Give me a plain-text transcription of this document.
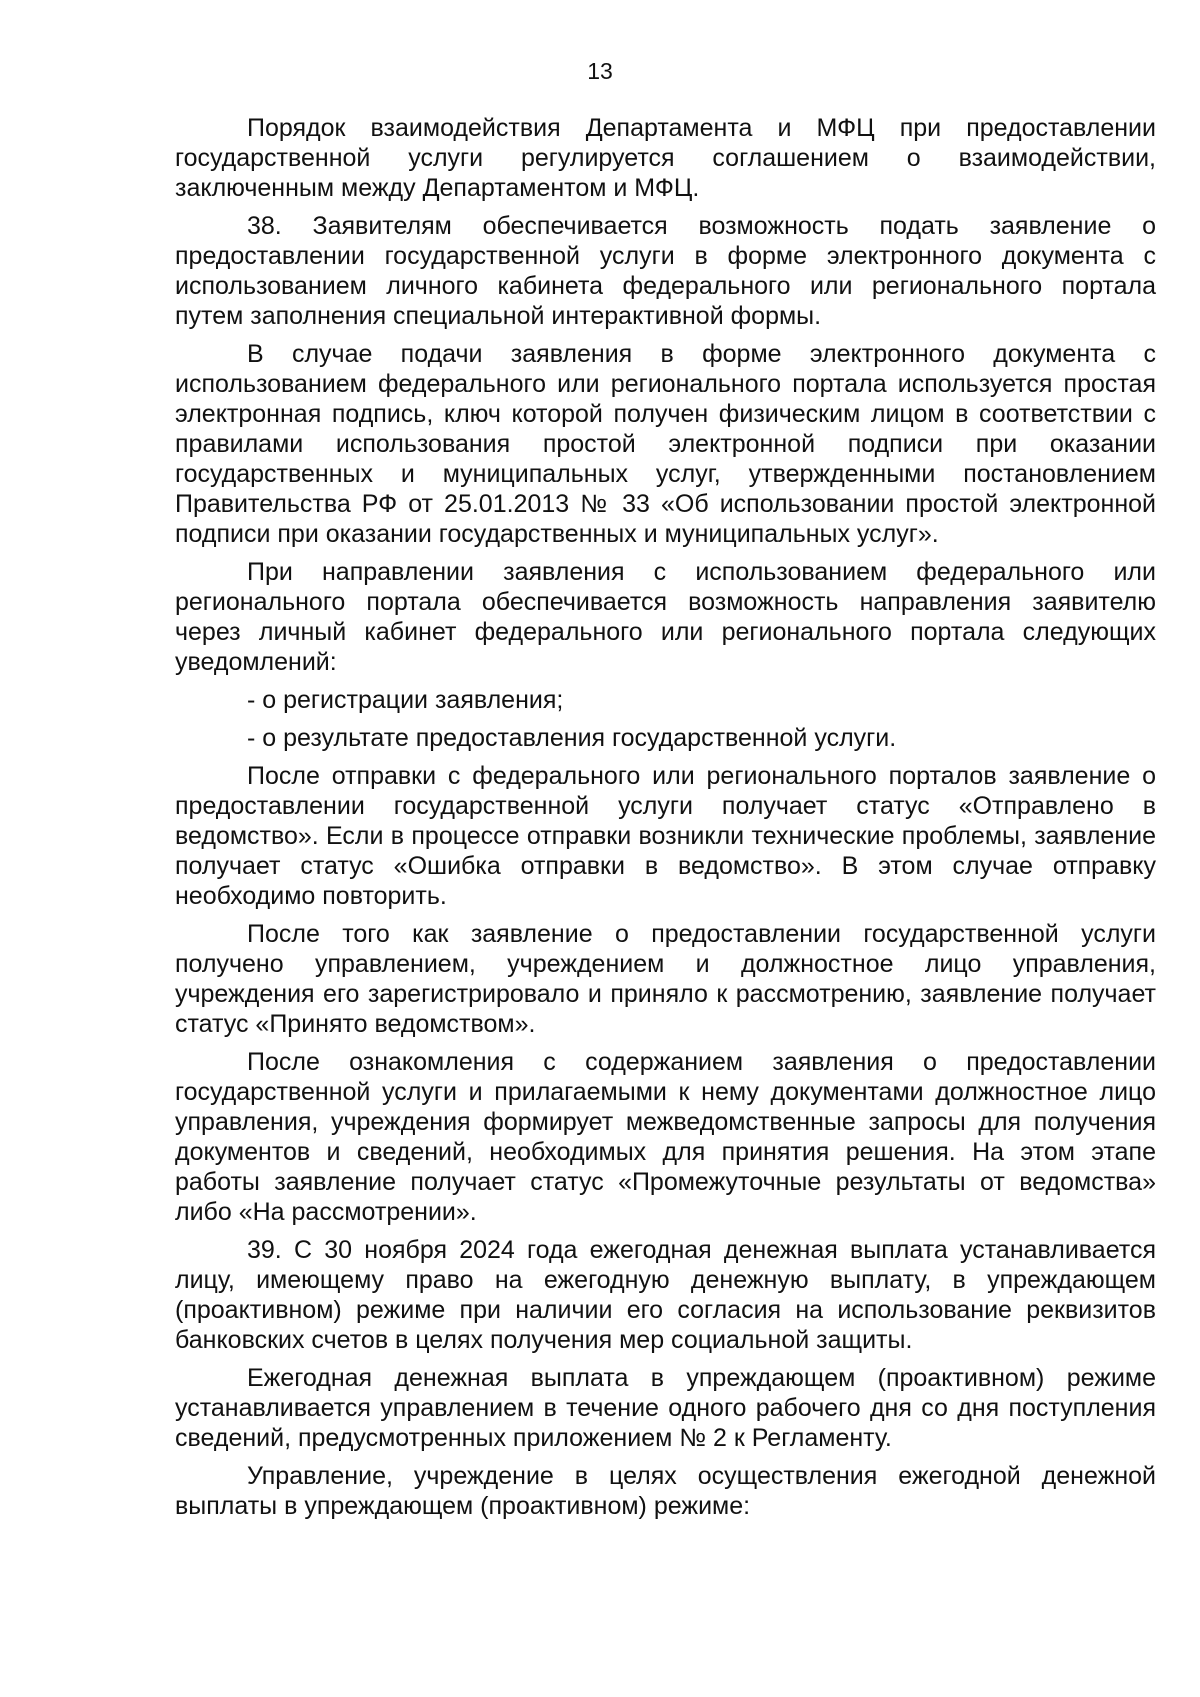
13

Порядок взаимодействия Департамента и МФЦ при предоставлении государственной услуги регулируется соглашением о взаимодействии, заключенным между Департаментом и МФЦ.

38. Заявителям обеспечивается возможность подать заявление о предоставлении государственной услуги в форме электронного документа с использованием личного кабинета федерального или регионального портала путем заполнения специальной интерактивной формы.

В случае подачи заявления в форме электронного документа с использованием федерального или регионального портала используется простая электронная подпись, ключ которой получен физическим лицом в соответствии с правилами использования простой электронной подписи при оказании государственных и муниципальных услуг, утвержденными постановлением Правительства РФ от 25.01.2013 № 33 «Об использовании простой электронной подписи при оказании государственных и муниципальных услуг».

При направлении заявления с использованием федерального или регионального портала обеспечивается возможность направления заявителю через личный кабинет федерального или регионального портала следующих уведомлений:

- о регистрации заявления;

- о результате предоставления государственной услуги.

После отправки с федерального или регионального порталов заявление о предоставлении государственной услуги получает статус «Отправлено в ведомство». Если в процессе отправки возникли технические проблемы, заявление получает статус «Ошибка отправки в ведомство». В этом случае отправку необходимо повторить.

После того как заявление о предоставлении государственной услуги получено управлением, учреждением и должностное лицо управления, учреждения его зарегистрировало и приняло к рассмотрению, заявление получает статус «Принято ведомством».

После ознакомления с содержанием заявления о предоставлении государственной услуги и прилагаемыми к нему документами должностное лицо управления, учреждения формирует межведомственные запросы для получения документов и сведений, необходимых для принятия решения. На этом этапе работы заявление получает статус «Промежуточные результаты от ведомства» либо «На рассмотрении».

39. С 30 ноября 2024 года ежегодная денежная выплата устанавливается лицу, имеющему право на ежегодную денежную выплату, в упреждающем (проактивном) режиме при наличии его согласия на использование реквизитов банковских счетов в целях получения мер социальной защиты.

Ежегодная денежная выплата в упреждающем (проактивном) режиме устанавливается управлением в течение одного рабочего дня со дня поступления сведений, предусмотренных приложением № 2 к Регламенту.

Управление, учреждение в целях осуществления ежегодной денежной выплаты в упреждающем (проактивном) режиме:
